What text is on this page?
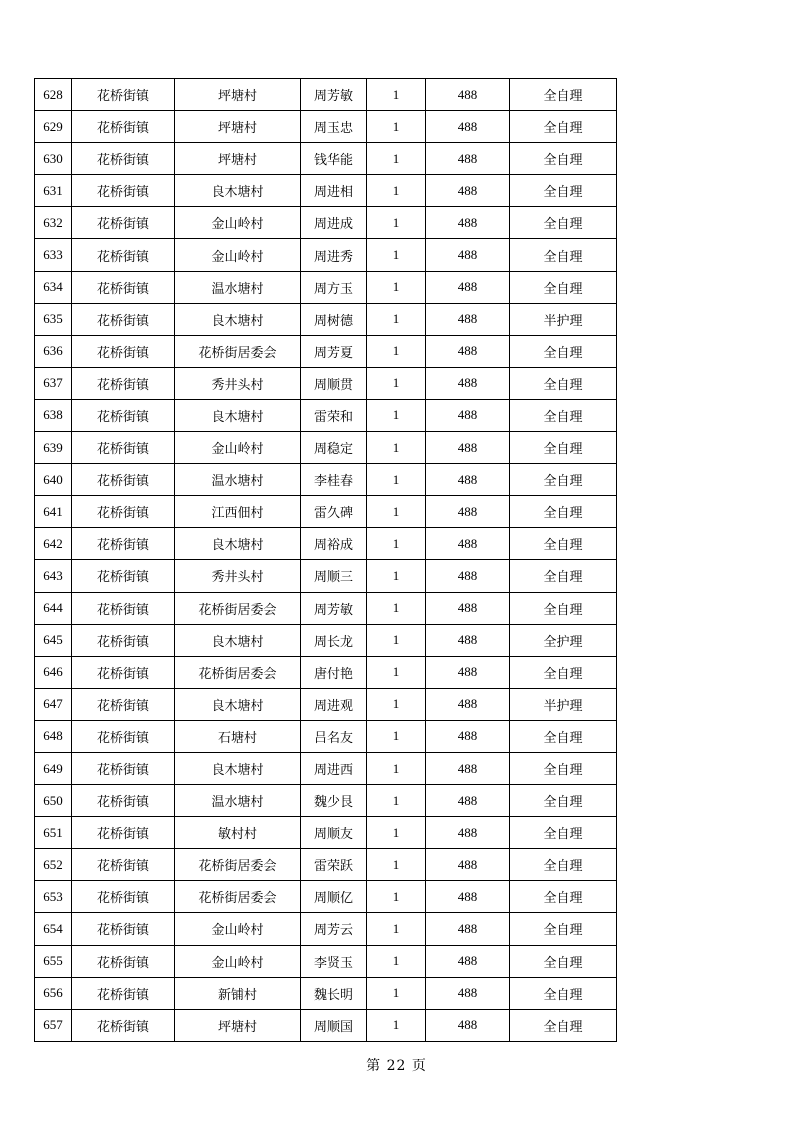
628	花桥街镇	坪塘村	周芳敏	1	488	全自理
629	花桥街镇	坪塘村	周玉忠	1	488	全自理
630	花桥街镇	坪塘村	钱华能	1	488	全自理
631	花桥街镇	良木塘村	周进相	1	488	全自理
632	花桥街镇	金山岭村	周进成	1	488	全自理
633	花桥街镇	金山岭村	周进秀	1	488	全自理
634	花桥街镇	温水塘村	周方玉	1	488	全自理
635	花桥街镇	良木塘村	周树德	1	488	半护理
636	花桥街镇	花桥街居委会	周芳夏	1	488	全自理
637	花桥街镇	秀井头村	周顺贯	1	488	全自理
638	花桥街镇	良木塘村	雷荣和	1	488	全自理
639	花桥街镇	金山岭村	周稳定	1	488	全自理
640	花桥街镇	温水塘村	李桂春	1	488	全自理
641	花桥街镇	江西佃村	雷久碑	1	488	全自理
642	花桥街镇	良木塘村	周裕成	1	488	全自理
643	花桥街镇	秀井头村	周顺三	1	488	全自理
644	花桥街镇	花桥街居委会	周芳敏	1	488	全自理
645	花桥街镇	良木塘村	周长龙	1	488	全护理
646	花桥街镇	花桥街居委会	唐付艳	1	488	全自理
647	花桥街镇	良木塘村	周进观	1	488	半护理
648	花桥街镇	石塘村	吕名友	1	488	全自理
649	花桥街镇	良木塘村	周进西	1	488	全自理
650	花桥街镇	温水塘村	魏少艮	1	488	全自理
651	花桥街镇	敏村村	周顺友	1	488	全自理
652	花桥街镇	花桥街居委会	雷荣跃	1	488	全自理
653	花桥街镇	花桥街居委会	周顺亿	1	488	全自理
654	花桥街镇	金山岭村	周芳云	1	488	全自理
655	花桥街镇	金山岭村	李贤玉	1	488	全自理
656	花桥街镇	新铺村	魏长明	1	488	全自理
657	花桥街镇	坪塘村	周顺国	1	488	全自理
第 22 页
